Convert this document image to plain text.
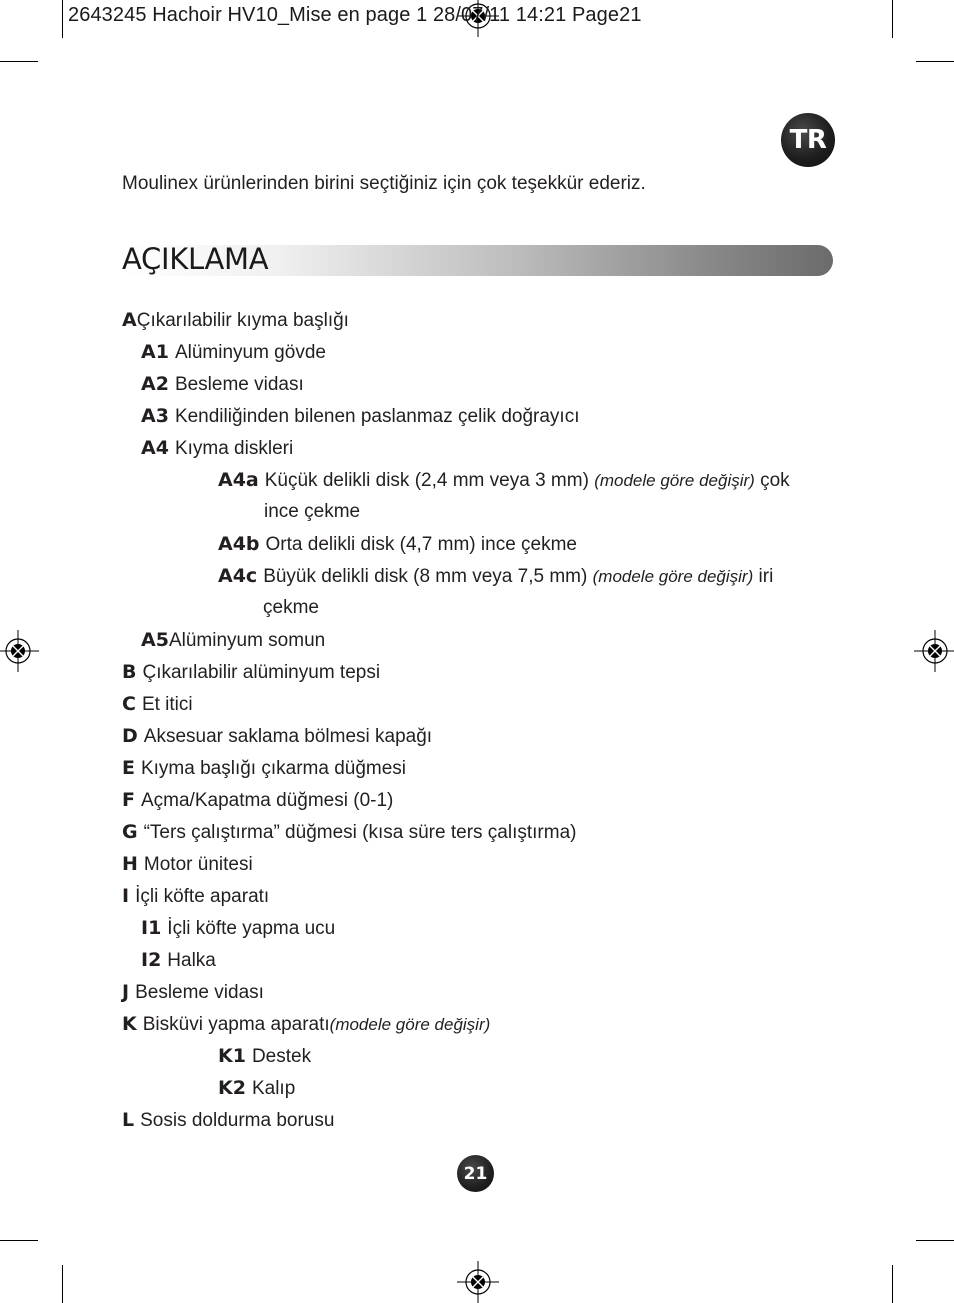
2643245 Hachoir HV10_Mise en page 1 28/07/11 14:21 Page21
TR
Moulinex ürünlerinden birini seçtiğiniz için çok teşekkür ederiz.
AÇIKLAMA
AÇıkarılabilir kıyma başlığı
A1 Alüminyum gövde
A2 Besleme vidası
A3 Kendiliğinden bilenen paslanmaz çelik doğrayıcı
A4 Kıyma diskleri
A4a Küçük delikli disk (2,4 mm veya 3 mm) (modele göre değişir) çok
ince çekme
A4b Orta delikli disk (4,7 mm) ince çekme
A4c Büyük delikli disk (8 mm veya 7,5 mm) (modele göre değişir) iri
çekme
A5Alüminyum somun
B Çıkarılabilir alüminyum tepsi
C Et itici
D Aksesuar saklama bölmesi kapağı
E Kıyma başlığı çıkarma düğmesi
F Açma/Kapatma düğmesi (0-1)
G “Ters çalıştırma” düğmesi (kısa süre ters çalıştırma)
H Motor ünitesi
I İçli köfte aparatı
I1 İçli köfte yapma ucu
I2 Halka
J Besleme vidası
K Bisküvi yapma aparatı(modele göre değişir)
K1 Destek
K2 Kalıp
L Sosis doldurma borusu
21
